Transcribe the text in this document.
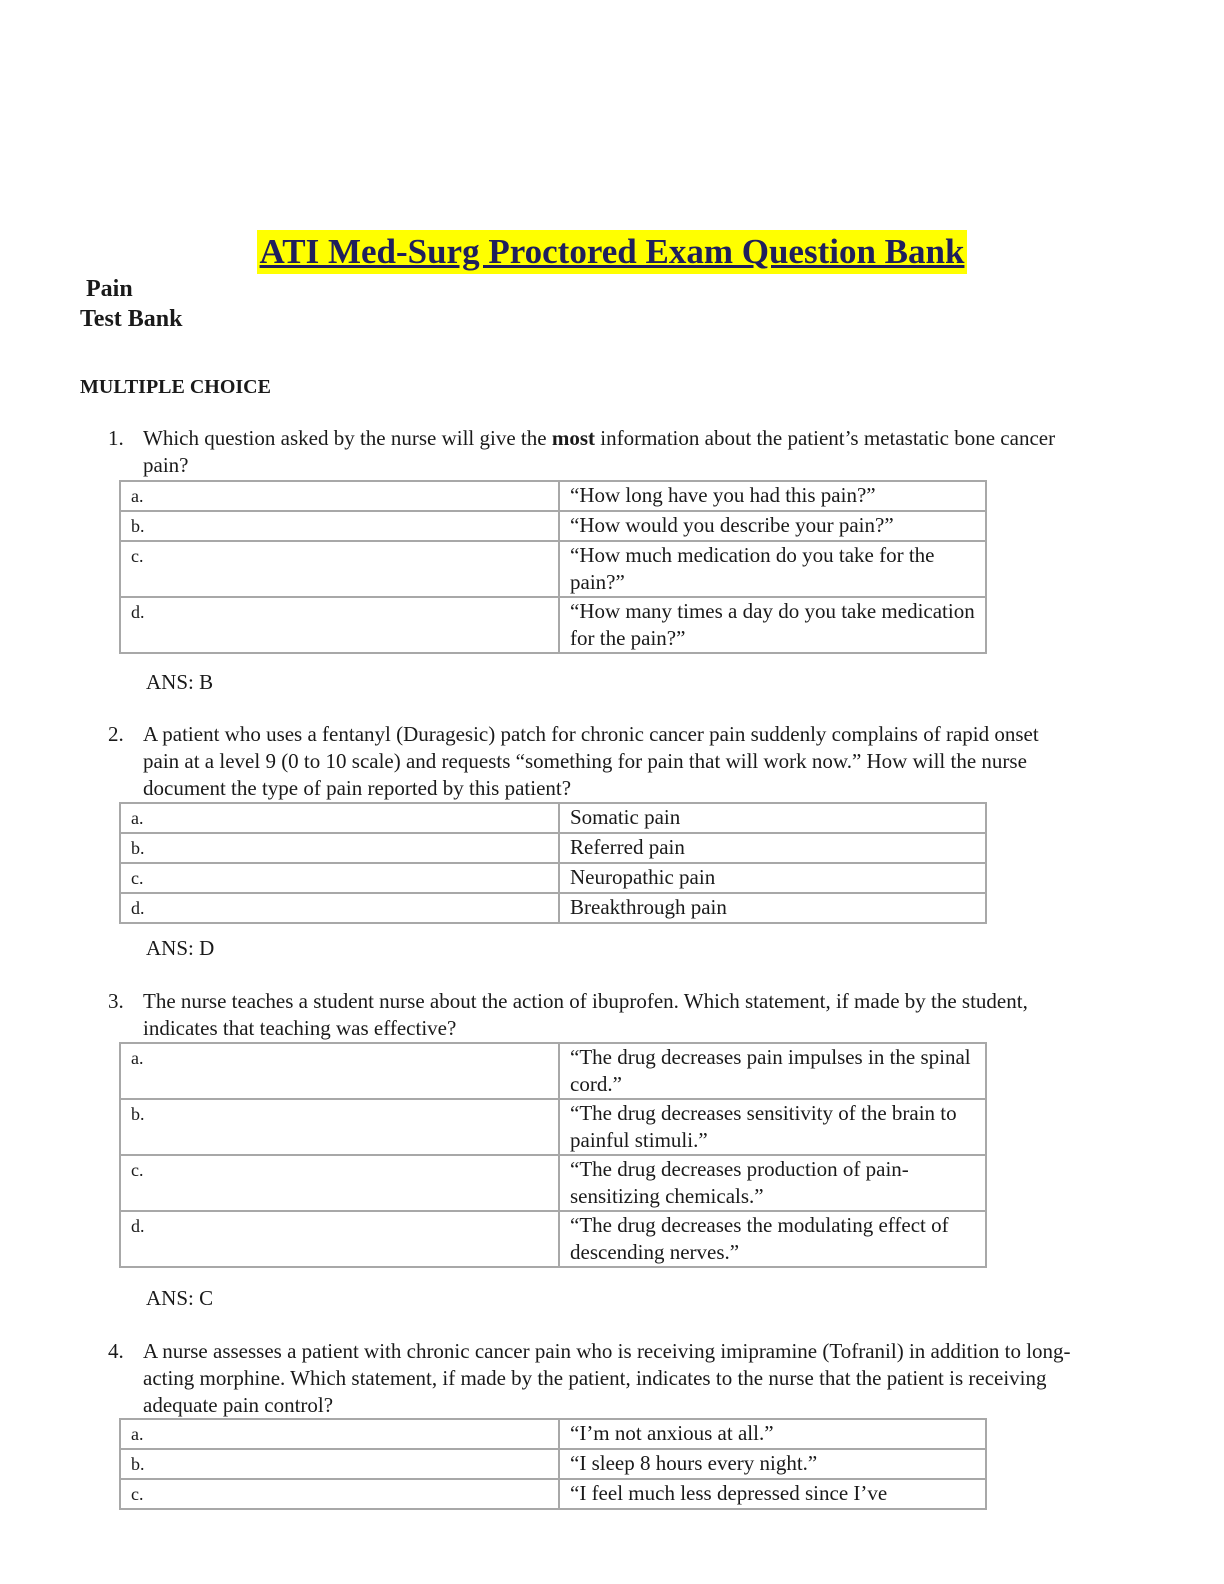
ATI Med-Surg Proctored Exam Question Bank
Pain
Test Bank
MULTIPLE CHOICE
1. Which question asked by the nurse will give the most information about the patient’s metastatic bone cancer pain?
a.	“How long have you had this pain?”
b.	“How would you describe your pain?”
c.	“How much medication do you take for the pain?”
d.	“How many times a day do you take medication for the pain?”
ANS: B
2. A patient who uses a fentanyl (Duragesic) patch for chronic cancer pain suddenly complains of rapid onset pain at a level 9 (0 to 10 scale) and requests “something for pain that will work now.” How will the nurse document the type of pain reported by this patient?
a.	Somatic pain
b.	Referred pain
c.	Neuropathic pain
d.	Breakthrough pain
ANS: D
3. The nurse teaches a student nurse about the action of ibuprofen. Which statement, if made by the student, indicates that teaching was effective?
a.	“The drug decreases pain impulses in the spinal cord.”
b.	“The drug decreases sensitivity of the brain to painful stimuli.”
c.	“The drug decreases production of pain-sensitizing chemicals.”
d.	“The drug decreases the modulating effect of descending nerves.”
ANS: C
4. A nurse assesses a patient with chronic cancer pain who is receiving imipramine (Tofranil) in addition to long-acting morphine. Which statement, if made by the patient, indicates to the nurse that the patient is receiving adequate pain control?
a.	“I’m not anxious at all.”
b.	“I sleep 8 hours every night.”
c.	“I feel much less depressed since I’ve
